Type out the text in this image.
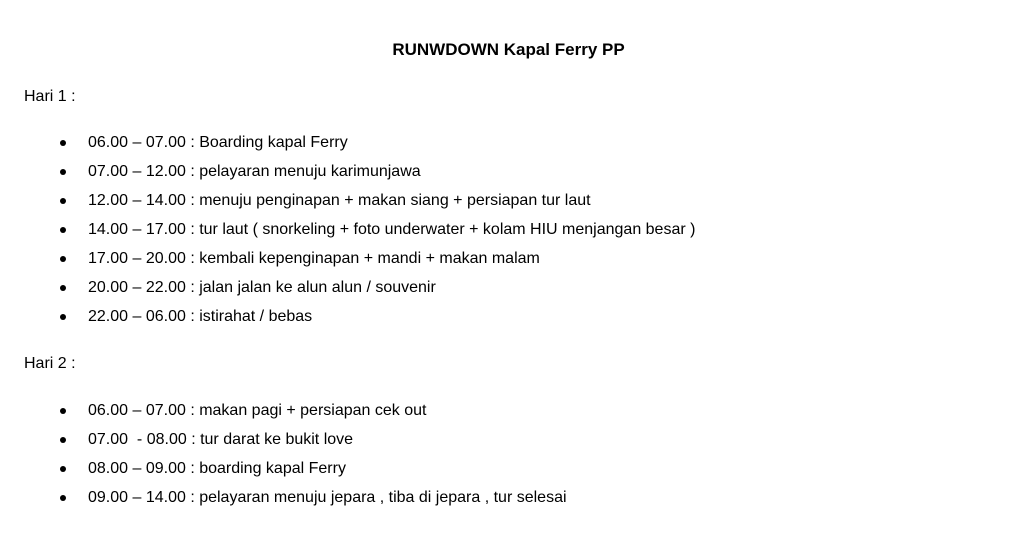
RUNWDOWN Kapal Ferry PP
Hari 1 :
06.00 – 07.00 : Boarding kapal Ferry
07.00 – 12.00 : pelayaran menuju karimunjawa
12.00 – 14.00 : menuju penginapan + makan siang + persiapan tur laut
14.00 – 17.00 : tur laut ( snorkeling + foto underwater + kolam HIU menjangan besar )
17.00 – 20.00 : kembali kepenginapan + mandi + makan malam
20.00 – 22.00 : jalan jalan ke alun alun / souvenir
22.00 – 06.00 : istirahat / bebas
Hari 2 :
06.00 – 07.00 : makan pagi + persiapan cek out
07.00  - 08.00 : tur darat ke bukit love
08.00 – 09.00 : boarding kapal Ferry
09.00 – 14.00 : pelayaran menuju jepara , tiba di jepara , tur selesai
